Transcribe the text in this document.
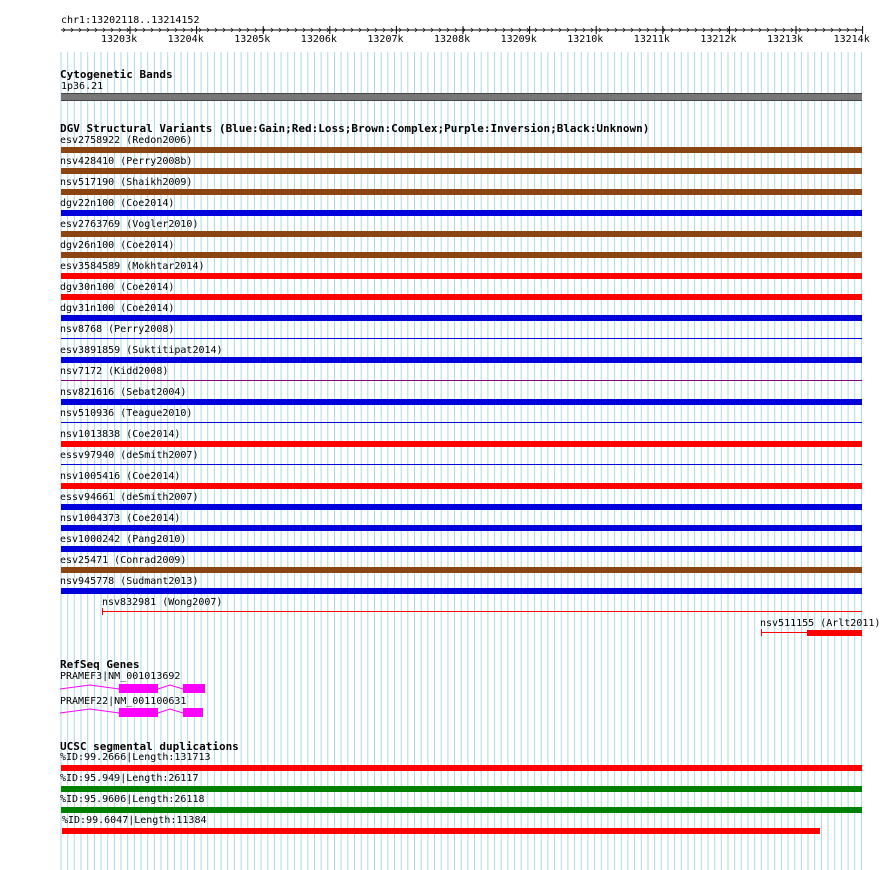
chr1:13202118..13214152
13203k	13204k	13205k	13206k	13207k	13208k	13209k	13210k	13211k	13212k	13213k	13214k
Cytogenetic Bands
1p36.21
DGV Structural Variants (Blue:Gain;Red:Loss;Brown:Complex;Purple:Inversion;Black:Unknown)
esv2758922 (Redon2006)
nsv428410 (Perry2008b)
nsv517190 (Shaikh2009)
dgv22n100 (Coe2014)
esv2763769 (Vogler2010)
dgv26n100 (Coe2014)
esv3584589 (Mokhtar2014)
dgv30n100 (Coe2014)
dgv31n100 (Coe2014)
nsv8768 (Perry2008)
esv3891859 (Suktitipat2014)
nsv7172 (Kidd2008)
nsv821616 (Sebat2004)
nsv510936 (Teague2010)
nsv1013838 (Coe2014)
essv97940 (deSmith2007)
nsv1005416 (Coe2014)
essv94661 (deSmith2007)
nsv1004373 (Coe2014)
esv1000242 (Pang2010)
esv25471 (Conrad2009)
nsv945778 (Sudmant2013)
nsv832981 (Wong2007)
nsv511155 (Arlt2011)
RefSeq Genes
PRAMEF3|NM_001013692
PRAMEF22|NM_001100631
UCSC segmental duplications
%ID:99.2666|Length:131713
%ID:95.949|Length:26117
%ID:95.9606|Length:26118
%ID:99.6047|Length:11384
